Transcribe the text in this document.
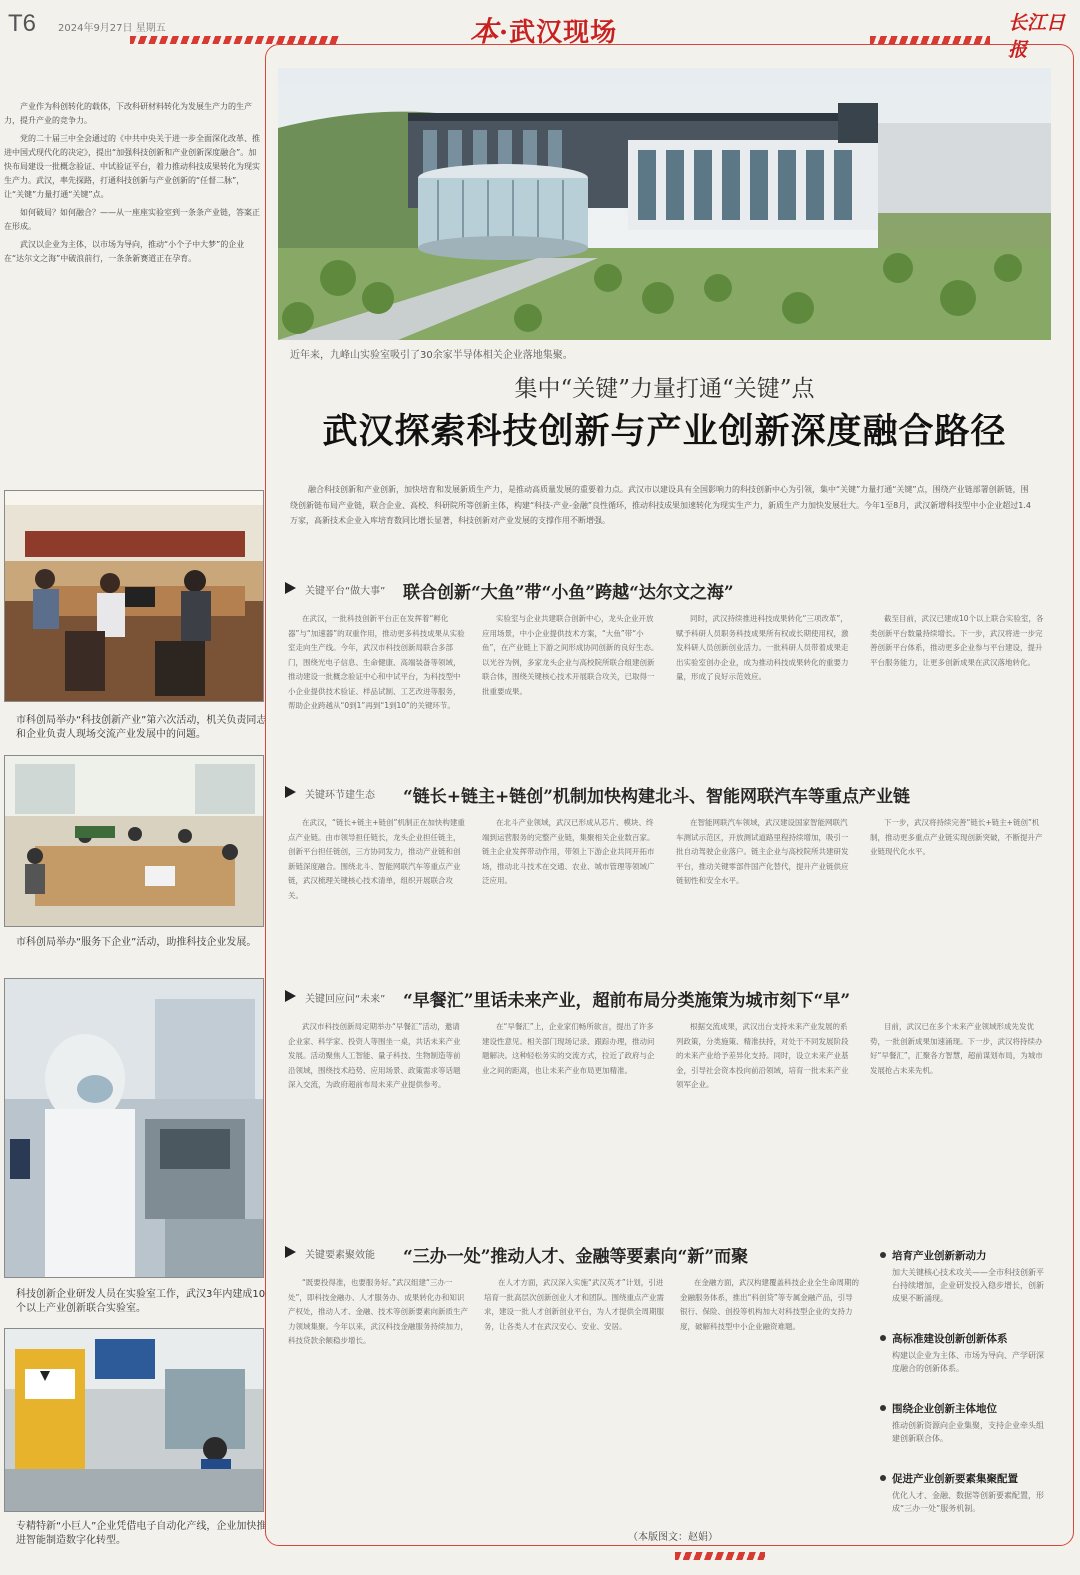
T6 2024年9月27日 星期五	本·武汉现场	长江日报

产业作为科创转化的载体，下改科研材料转化为发展生产力的生产力，提升产业的竞争力。

党的二十届三中全会通过的《中共中央关于进一步全面深化改革、推进中国式现代化的决定》，提出“加强科技创新和产业创新深度融合”。加快布局建设一批概念验证、中试验证平台，着力推动科技成果转化为现实生产力。武汉，率先探路，打通科技创新与产业创新的“任督二脉”，让“关键”力量打通“关键”点。

如何破局？如何融合？——从一座座实验室到一条条产业链，答案正在形成。

武汉以企业为主体，以市场为导向，推动“小个子中大梦”的企业在“达尔文之海”中破浪前行，一条条新赛道正在孕育。

市科创局举办“科技创新产业”第六次活动，机关负责同志和企业负责人现场交流产业发展中的问题。
市科创局举办“服务下企业”活动，助推科技企业发展。
科技创新企业研发人员在实验室工作，武汉3年内建成10个以上产业创新联合实验室。
专精特新“小巨人”企业凭借电子自动化产线，企业加快推进智能制造数字化转型。
近年来，九峰山实验室吸引了30余家半导体相关企业落地集聚。
集中“关键”力量打通“关键”点
武汉探索科技创新与产业创新深度融合路径
融合科技创新和产业创新，加快培育和发展新质生产力，是推动高质量发展的重要着力点。武汉市以建设具有全国影响力的科技创新中心为引领，集中“关键”力量打通“关键”点，围绕产业链部署创新链，围绕创新链布局产业链，联合企业、高校、科研院所等创新主体，构建“科技-产业-金融”良性循环，推动科技成果加速转化为现实生产力，新质生产力加快发展壮大。今年1至8月，武汉新增科技型中小企业超过1.4万家，高新技术企业入库培育数同比增长显著，科技创新对产业发展的支撑作用不断增强。
关键平台“做大事” 联合创新“大鱼”带“小鱼”跨越“达尔文之海”
在武汉，一批科技创新平台正在发挥着“孵化器”与“加速器”的双重作用，推动更多科技成果从实验室走向生产线。今年，武汉市科技创新局联合多部门，围绕光电子信息、生命健康、高端装备等领域，推动建设一批概念验证中心和中试平台，为科技型中小企业提供技术验证、样品试制、工艺改进等服务，帮助企业跨越从“0到1”再到“1到10”的关键环节。
实验室与企业共建联合创新中心，龙头企业开放应用场景，中小企业提供技术方案，“大鱼”带“小鱼”，在产业链上下游之间形成协同创新的良好生态。以光谷为例，多家龙头企业与高校院所联合组建创新联合体，围绕关键核心技术开展联合攻关，已取得一批重要成果。
同时，武汉持续推进科技成果转化“三项改革”，赋予科研人员职务科技成果所有权或长期使用权，激发科研人员创新创业活力。一批科研人员带着成果走出实验室创办企业，成为推动科技成果转化的重要力量，形成了良好示范效应。
截至目前，武汉已建成10个以上联合实验室，各类创新平台数量持续增长。下一步，武汉将进一步完善创新平台体系，推动更多企业参与平台建设，提升平台服务能力，让更多创新成果在武汉落地转化。
关键环节建生态 “链长+链主+链创”机制加快构建北斗、智能网联汽车等重点产业链
在武汉，“链长+链主+链创”机制正在加快构建重点产业链。由市领导担任链长，龙头企业担任链主，创新平台担任链创，三方协同发力，推动产业链和创新链深度融合。围绕北斗、智能网联汽车等重点产业链，武汉梳理关键核心技术清单，组织开展联合攻关。
在北斗产业领域，武汉已形成从芯片、模块、终端到运营服务的完整产业链，集聚相关企业数百家。链主企业发挥带动作用，带领上下游企业共同开拓市场，推动北斗技术在交通、农业、城市管理等领域广泛应用。
在智能网联汽车领域，武汉建设国家智能网联汽车测试示范区，开放测试道路里程持续增加，吸引一批自动驾驶企业落户。链主企业与高校院所共建研发平台，推动关键零部件国产化替代，提升产业链供应链韧性和安全水平。
下一步，武汉将持续完善“链长+链主+链创”机制，推动更多重点产业链实现创新突破，不断提升产业链现代化水平。
关键回应问“未来” “早餐汇”里话未来产业，超前布局分类施策为城市刻下“早”
武汉市科技创新局定期举办“早餐汇”活动，邀请企业家、科学家、投资人等围坐一桌，共话未来产业发展。活动聚焦人工智能、量子科技、生物制造等前沿领域，围绕技术趋势、应用场景、政策需求等话题深入交流，为政府超前布局未来产业提供参考。
在“早餐汇”上，企业家们畅所欲言，提出了许多建设性意见。相关部门现场记录、跟踪办理，推动问题解决。这种轻松务实的交流方式，拉近了政府与企业之间的距离，也让未来产业布局更加精准。
根据交流成果，武汉出台支持未来产业发展的系列政策，分类施策、精准扶持，对处于不同发展阶段的未来产业给予差异化支持。同时，设立未来产业基金，引导社会资本投向前沿领域，培育一批未来产业领军企业。
目前，武汉已在多个未来产业领域形成先发优势，一批创新成果加速涌现。下一步，武汉将持续办好“早餐汇”，汇聚各方智慧，超前谋划布局，为城市发展抢占未来先机。
关键要素聚效能 “三办一处”推动人才、金融等要素向“新”而聚
“既要投得准，也要服务好。”武汉组建“三办一处”，即科技金融办、人才服务办、成果转化办和知识产权处，推动人才、金融、技术等创新要素向新质生产力领域集聚。今年以来，武汉科技金融服务持续加力，科技贷款余额稳步增长。
在人才方面，武汉深入实施“武汉英才”计划，引进培育一批高层次创新创业人才和团队。围绕重点产业需求，建设一批人才创新创业平台，为人才提供全周期服务，让各类人才在武汉安心、安业、安居。
在金融方面，武汉构建覆盖科技企业全生命周期的金融服务体系，推出“科创贷”等专属金融产品，引导银行、保险、创投等机构加大对科技型企业的支持力度，破解科技型中小企业融资难题。
培育产业创新新动力
加大关键核心技术攻关——全市科技创新平台持续增加，企业研发投入稳步增长，创新成果不断涌现。
高标准建设创新创新体系
构建以企业为主体、市场为导向、产学研深度融合的创新体系。
围绕企业创新主体地位
推动创新资源向企业集聚，支持企业牵头组建创新联合体。
促进产业创新要素集聚配置
优化人才、金融、数据等创新要素配置，形成“三办一处”服务机制。
（本版图文：赵娟）
